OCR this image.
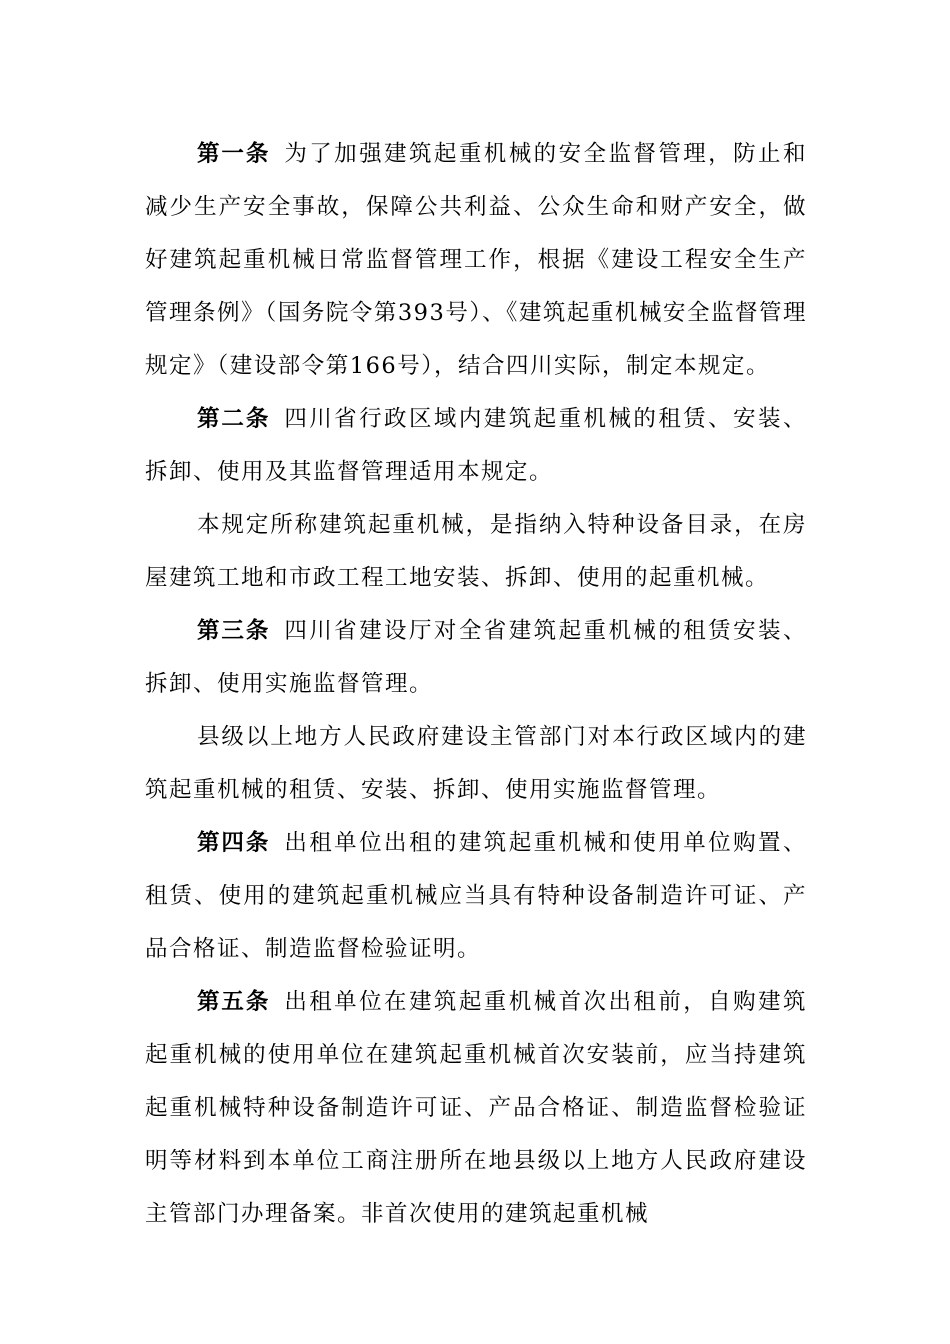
第一条 为了加强建筑起重机械的安全监督管理，防止和减少生产安全事故，保障公共利益、公众生命和财产安全，做好建筑起重机械日常监督管理工作，根据《建设工程安全生产管理条例》（国务院令第393号）、《建筑起重机械安全监督管理规定》（建设部令第166号），结合四川实际，制定本规定。

第二条 四川省行政区域内建筑起重机械的租赁、安装、拆卸、使用及其监督管理适用本规定。

本规定所称建筑起重机械，是指纳入特种设备目录，在房屋建筑工地和市政工程工地安装、拆卸、使用的起重机械。

第三条 四川省建设厅对全省建筑起重机械的租赁安装、拆卸、使用实施监督管理。

县级以上地方人民政府建设主管部门对本行政区域内的建筑起重机械的租赁、安装、拆卸、使用实施监督管理。

第四条 出租单位出租的建筑起重机械和使用单位购置、租赁、使用的建筑起重机械应当具有特种设备制造许可证、产品合格证、制造监督检验证明。

第五条 出租单位在建筑起重机械首次出租前，自购建筑起重机械的使用单位在建筑起重机械首次安装前，应当持建筑起重机械特种设备制造许可证、产品合格证、制造监督检验证明等材料到本单位工商注册所在地县级以上地方人民政府建设主管部门办理备案。非首次使用的建筑起重机械
